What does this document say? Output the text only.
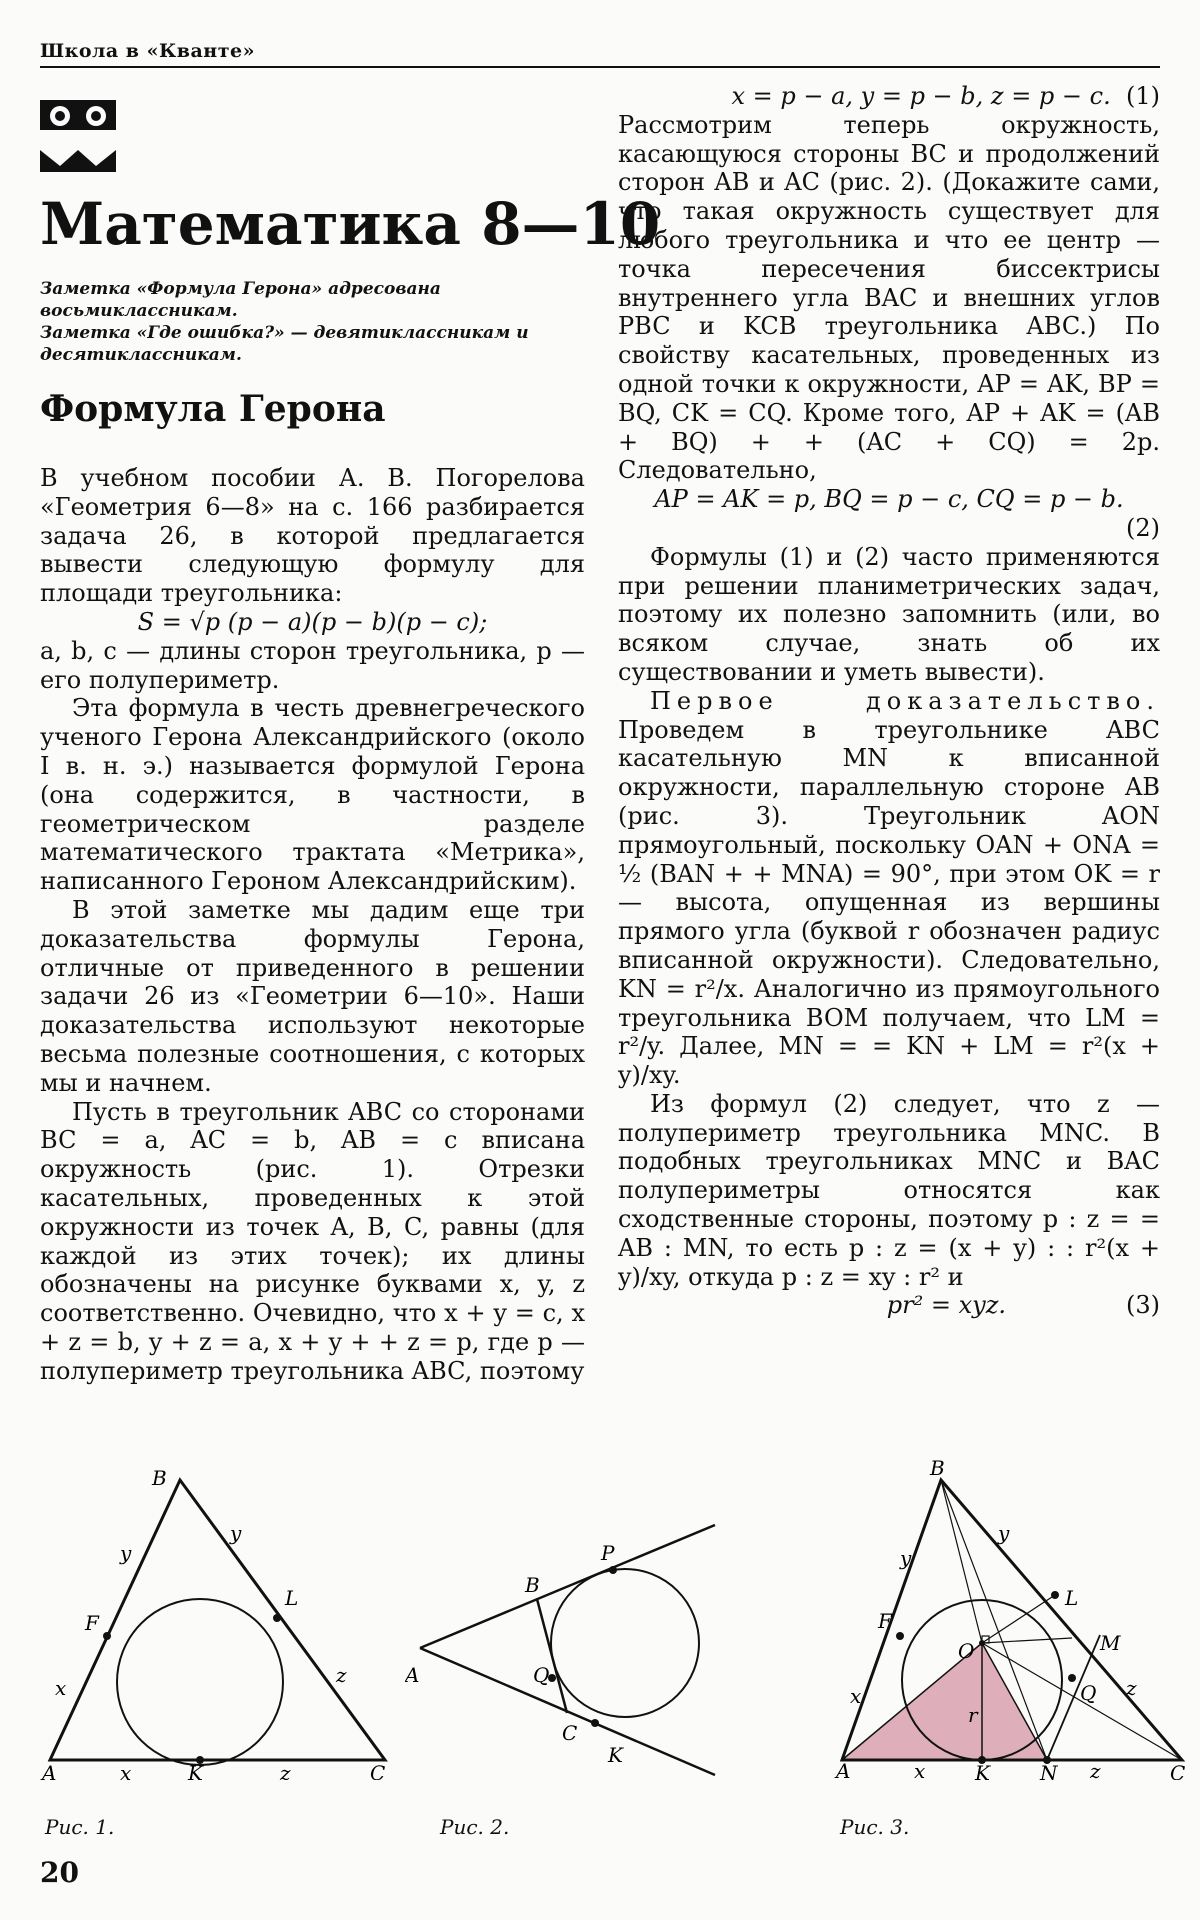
Школа в «Кванте»
Математика 8—10
Заметка «Формула Герона» адресована восьмиклассникам.
Заметка «Где ошибка?» — девятиклассникам и десятиклассникам.
Формула Герона

В учебном пособии А. В. Погорелова «Геометрия 6—8» на с. 166 разбирается задача 26, в которой предлагается вывести следующую формулу для площади треугольника:

S = √p (p − a)(p − b)(p − c);

a, b, c — длины сторон треугольника, p — его полупериметр.

Эта формула в честь древнегреческого ученого Герона Александрийского (около I в. н. э.) называется формулой Герона (она содержится, в частности, в геометрическом разделе математического трактата «Метрика», написанного Героном Александрийским).

В этой заметке мы дадим еще три доказательства формулы Герона, отличные от приведенного в решении задачи 26 из «Геометрии 6—10». Наши доказательства используют некоторые весьма полезные соотношения, с которых мы и начнем.

Пусть в треугольник ABC со сторонами BC = a, AC = b, AB = c вписана окружность (рис. 1). Отрезки касательных, проведенных к этой окружности из точек A, B, C, равны (для каждой из этих точек); их длины обозначены на рисунке буквами x, y, z соответственно. Очевидно, что x + y = c, x + z = b, y + z = a, x + y + + z = p, где p — полупериметр треугольника ABC, поэтому

x = p − a, y = p − b, z = p − c. (1)

Рассмотрим теперь окружность, касающуюся стороны BC и продолжений сторон AB и AC (рис. 2). (Докажите сами, что такая окружность существует для любого треугольника и что ее центр — точка пересечения биссектрисы внутреннего угла BAC и внешних углов PBC и KCB треугольника ABC.) По свойству касательных, проведенных из одной точки к окружности, AP = AK, BP = BQ, CK = CQ. Кроме того, AP + AK = (AB + BQ) + + (AC + CQ) = 2p. Следовательно,

AP = AK = p, BQ = p − c, CQ = p − b.

(2)

Формулы (1) и (2) часто применяются при решении планиметрических задач, поэтому их полезно запомнить (или, во всяком случае, знать об их существовании и уметь вывести).

Первое доказательство. Проведем в треугольнике ABC касательную MN к вписанной окружности, параллельную стороне AB (рис. 3). Треугольник AON прямоугольный, поскольку OAN + ONA = ½ (BAN + + MNA) = 90°, при этом OK = r — высота, опущенная из вершины прямого угла (буквой r обозначен радиус вписанной окружности). Следовательно, KN = r²/x. Аналогично из прямоугольного треугольника BOM получаем, что LM = r²/y. Далее, MN = = KN + LM = r²(x + y)/xy.

Из формул (2) следует, что z — полупериметр треугольника MNC. В подобных треугольниках MNC и BAC полупериметры относятся как сходственные стороны, поэтому p : z = = AB : MN, то есть p : z = (x + y) : : r²(x + y)/xy, откуда p : z = xy : r² и

pr² = xyz.	(3)

B
y
y
L
F
x
z
A	x	K	z	C
P
B
A	Q
C
K
B
y
y
L
F
M
O
r
x	Q z
A	x K	N z	C
Рис. 1.	Рис. 2.	Рис. 3.
20
